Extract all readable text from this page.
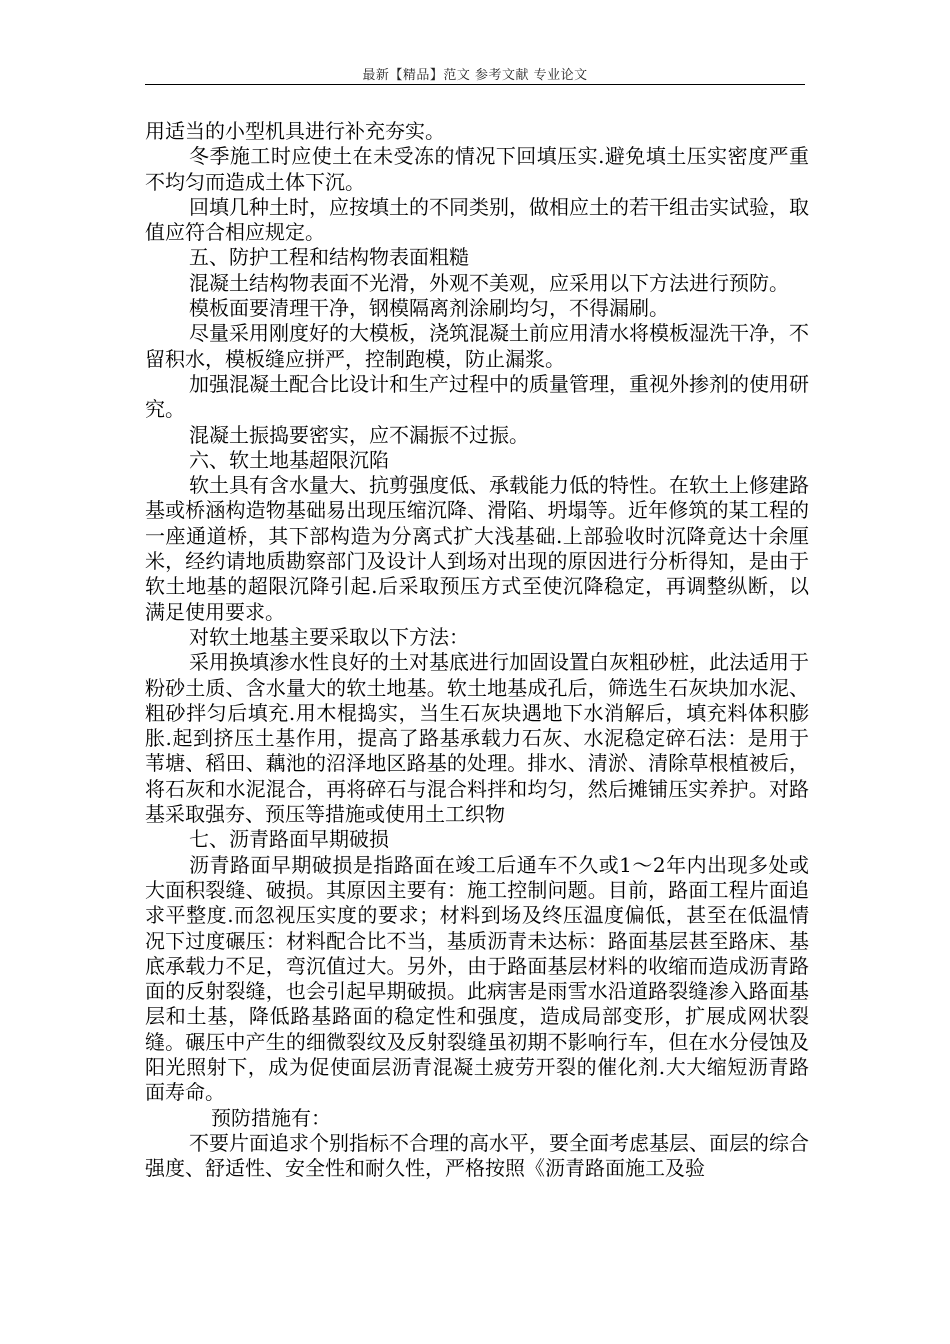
最新【精品】范文 参考文献 专业论文

用适当的小型机具进行补充夯实。

冬季施工时应使土在未受冻的情况下回填压实.避免填土压实密度严重不均匀而造成土体下沉。

回填几种土时，应按填土的不同类别，做相应土的若干组击实试验，取值应符合相应规定。

五、防护工程和结构物表面粗糙

混凝土结构物表面不光滑，外观不美观，应采用以下方法进行预防。

模板面要清理干净，钢模隔离剂涂刷均匀，不得漏刷。

尽量采用刚度好的大模板，浇筑混凝土前应用清水将模板湿洗干净，不留积水，模板缝应拼严，控制跑模，防止漏浆。

加强混凝土配合比设计和生产过程中的质量管理，重视外掺剂的使用研究。

混凝土振捣要密实，应不漏振不过振。

六、软土地基超限沉陷

软土具有含水量大、抗剪强度低、承载能力低的特性。在软土上修建路基或桥涵构造物基础易出现压缩沉降、滑陷、坍塌等。近年修筑的某工程的一座通道桥，其下部构造为分离式扩大浅基础.上部验收时沉降竟达十余厘米，经约请地质勘察部门及设计人到场对出现的原因进行分析得知，是由于软土地基的超限沉降引起.后采取预压方式至使沉降稳定，再调整纵断，以满足使用要求。

对软土地基主要采取以下方法：

采用换填渗水性良好的土对基底进行加固设置白灰粗砂桩，此法适用于粉砂土质、含水量大的软土地基。软土地基成孔后，筛选生石灰块加水泥、粗砂拌匀后填充.用木棍捣实，当生石灰块遇地下水消解后，填充料体积膨胀.起到挤压土基作用，提高了路基承载力石灰、水泥稳定碎石法：是用于苇塘、稻田、藕池的沼泽地区路基的处理。排水、清淤、清除草根植被后，将石灰和水泥混合，再将碎石与混合料拌和均匀，然后摊铺压实养护。对路基采取强夯、预压等措施或使用土工织物

七、沥青路面早期破损

沥青路面早期破损是指路面在竣工后通车不久或1～2年内出现多处或大面积裂缝、破损。其原因主要有：施工控制问题。目前，路面工程片面追求平整度.而忽视压实度的要求；材料到场及终压温度偏低，甚至在低温情况下过度碾压：材料配合比不当，基质沥青未达标：路面基层甚至路床、基底承载力不足，弯沉值过大。另外，由于路面基层材料的收缩而造成沥青路面的反射裂缝，也会引起早期破损。此病害是雨雪水沿道路裂缝渗入路面基层和土基，降低路基路面的稳定性和强度，造成局部变形，扩展成网状裂缝。碾压中产生的细微裂纹及反射裂缝虽初期不影响行车，但在水分侵蚀及阳光照射下，成为促使面层沥青混凝土疲劳开裂的催化剂.大大缩短沥青路面寿命。

预防措施有：

不要片面追求个别指标不合理的高水平，要全面考虑基层、面层的综合强度、舒适性、安全性和耐久性，严格按照《沥青路面施工及验
